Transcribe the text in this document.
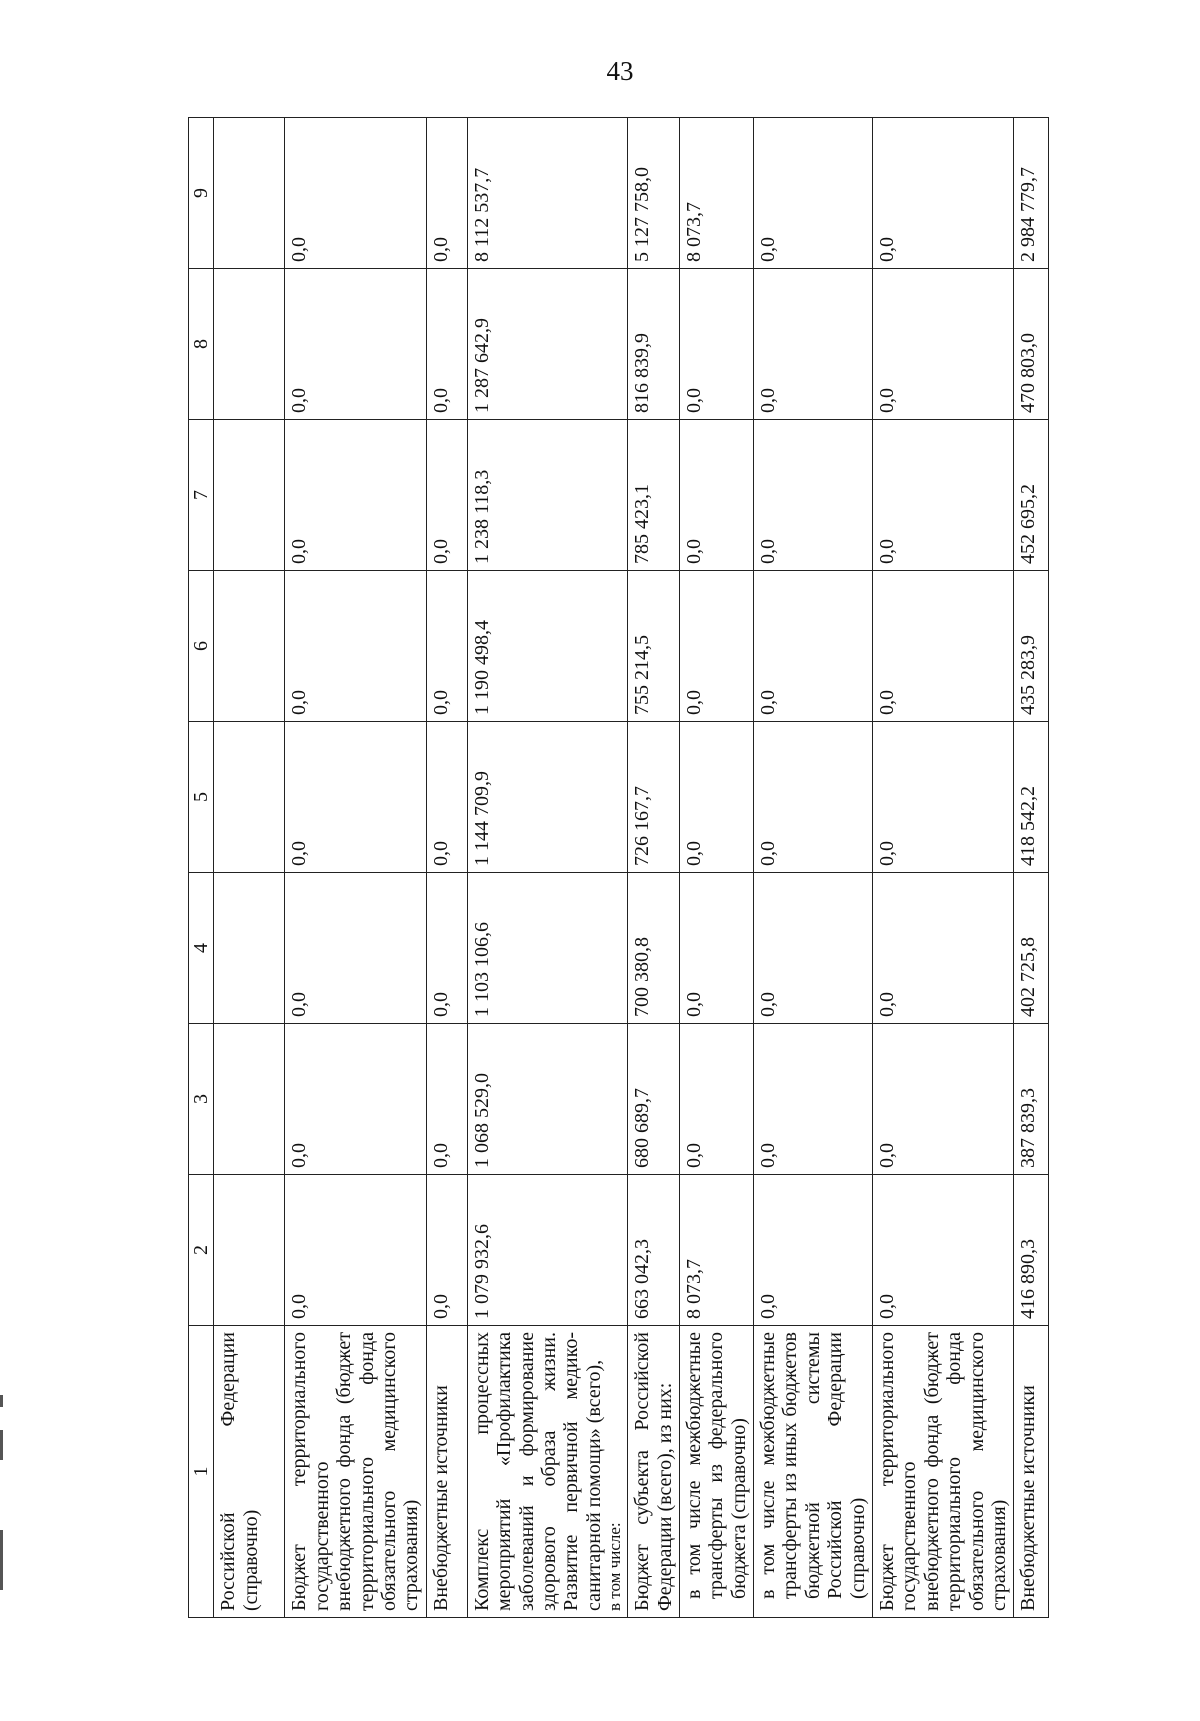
43
1	2	3	4	5	6	7	8	9
Российской Федерации (справочно)								
Бюджет территориального государственного внебюджетного фонда (бюджет территориального фонда обязательного медицинского страхования)	0,0	0,0	0,0	0,0	0,0	0,0	0,0	0,0
Внебюджетные источники	0,0	0,0	0,0	0,0	0,0	0,0	0,0	0,0
Комплекс процессных мероприятий «Профилактика заболеваний и формирование здорового образа жизни. Развитие первичной медико-санитарной помощи» (всего), в том числе:	1 079 932,6	1 068 529,0	1 103 106,6	1 144 709,9	1 190 498,4	1 238 118,3	1 287 642,9	8 112 537,7
Бюджет субъекта Российской Федерации (всего), из них:	663 042,3	680 689,7	700 380,8	726 167,7	755 214,5	785 423,1	816 839,9	5 127 758,0
в том числе межбюджетные трансферты из федерального бюджета (справочно)	8 073,7	0,0	0,0	0,0	0,0	0,0	0,0	8 073,7
в том числе межбюджетные трансферты из иных бюджетов бюджетной системы Российской Федерации (справочно)	0,0	0,0	0,0	0,0	0,0	0,0	0,0	0,0
Бюджет территориального государственного внебюджетного фонда (бюджет территориального фонда обязательного медицинского страхования)	0,0	0,0	0,0	0,0	0,0	0,0	0,0	0,0
Внебюджетные источники	416 890,3	387 839,3	402 725,8	418 542,2	435 283,9	452 695,2	470 803,0	2 984 779,7
